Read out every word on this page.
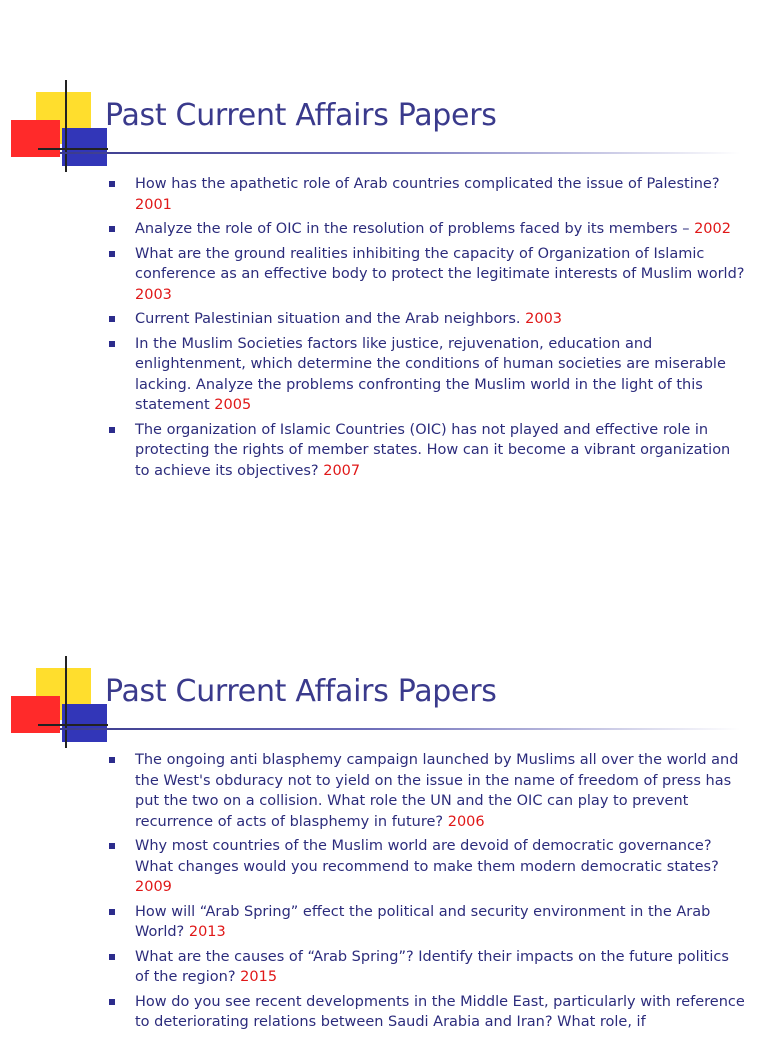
Past Current Affairs Papers
How has the apathetic role of Arab countries complicated the issue of Palestine? 2001
Analyze the role of OIC in the resolution of problems faced by its members – 2002
What are the ground realities inhibiting the capacity of Organization of Islamic conference as an effective body to protect the legitimate interests of Muslim world? 2003
Current Palestinian situation and the Arab neighbors. 2003
In the Muslim Societies factors like justice, rejuvenation, education and enlightenment, which determine the conditions of human societies are miserable lacking. Analyze the problems confronting the Muslim world in the light of this statement 2005
The organization of Islamic Countries (OIC) has not played and effective role in protecting the rights of member states. How can it become a vibrant organization to achieve its objectives? 2007
Past Current Affairs Papers
The ongoing anti blasphemy campaign launched by Muslims all over the world and the West's obduracy not to yield on the issue in the name of freedom of press has put the two on a collision. What role the UN and the OIC can play to prevent recurrence of acts of blasphemy in future? 2006
Why most countries of the Muslim world are devoid of democratic governance? What changes would you recommend to make them modern democratic states? 2009
How will “Arab Spring” effect the political and security environment in the Arab World? 2013
What are the causes of “Arab Spring”? Identify their impacts on the future politics of the region? 2015
How do you see recent developments in the Middle East, particularly with reference to deteriorating relations between Saudi Arabia and Iran? What role, if
